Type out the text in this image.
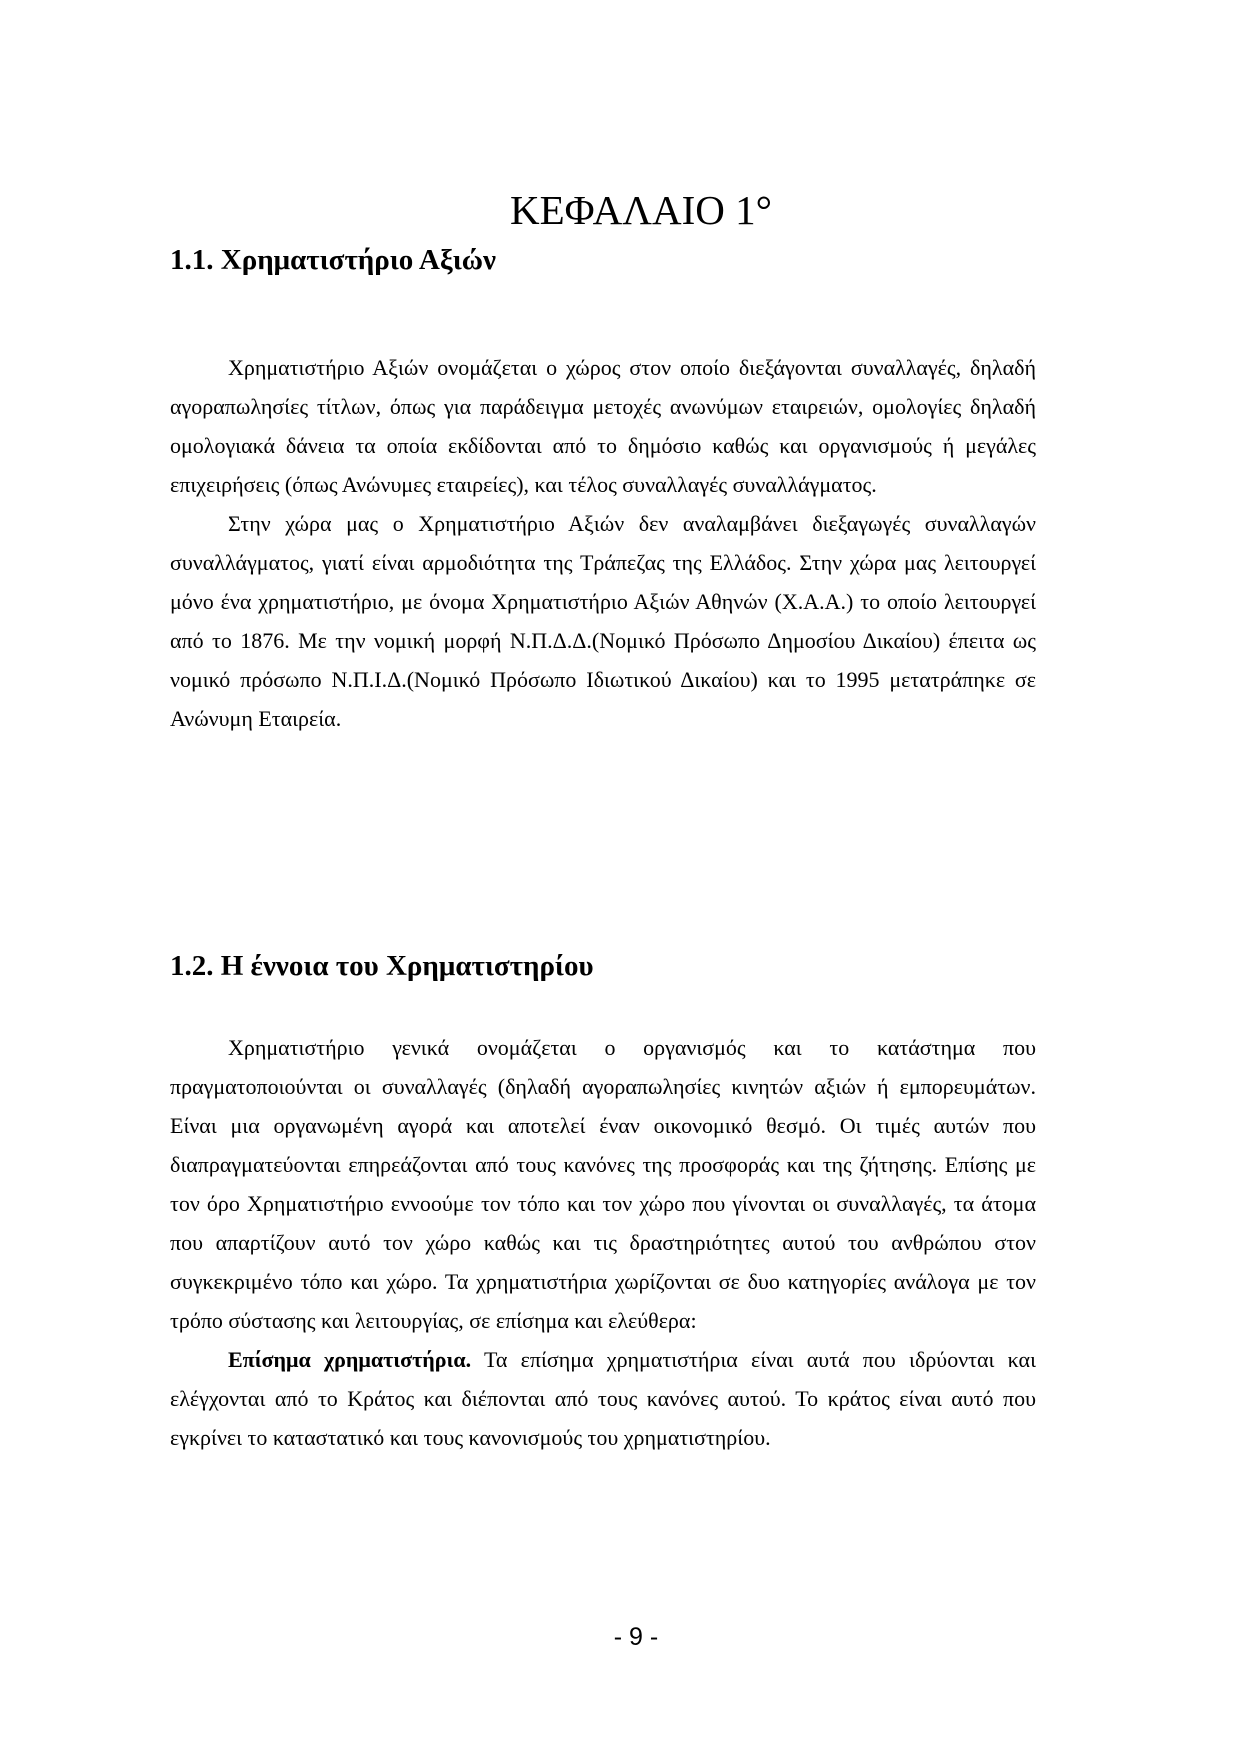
ΚΕΦΑΛΑΙΟ 1°
1.1. Χρηματιστήριο Αξιών

Χρηματιστήριο Αξιών ονομάζεται ο χώρος στον οποίο διεξάγονται συναλλαγές, δηλαδή αγοραπωλησίες τίτλων, όπως για παράδειγμα μετοχές ανωνύμων εταιρειών, ομολογίες δηλαδή ομολογιακά δάνεια τα οποία εκδίδονται από το δημόσιο καθώς και οργανισμούς ή μεγάλες επιχειρήσεις (όπως Ανώνυμες εταιρείες), και τέλος συναλλαγές συναλλάγματος.

Στην χώρα μας ο Χρηματιστήριο Αξιών δεν αναλαμβάνει διεξαγωγές συναλλαγών συναλλάγματος, γιατί είναι αρμοδιότητα της Τράπεζας της Ελλάδος. Στην χώρα μας λειτουργεί μόνο ένα χρηματιστήριο, με όνομα Χρηματιστήριο Αξιών Αθηνών (Χ.Α.Α.) το οποίο λειτουργεί από το 1876. Με την νομική μορφή Ν.Π.Δ.Δ.(Νομικό Πρόσωπο Δημοσίου Δικαίου) έπειτα ως νομικό πρόσωπο Ν.Π.Ι.Δ.(Νομικό Πρόσωπο Ιδιωτικού Δικαίου) και το 1995 μετατράπηκε σε Ανώνυμη Εταιρεία.

1.2. Η έννοια του Χρηματιστηρίου

Χρηματιστήριο γενικά ονομάζεται ο οργανισμός και το κατάστημα που πραγματοποιούνται οι συναλλαγές (δηλαδή αγοραπωλησίες κινητών αξιών ή εμπορευμάτων. Είναι μια οργανωμένη αγορά και αποτελεί έναν οικονομικό θεσμό. Οι τιμές αυτών που διαπραγματεύονται επηρεάζονται από τους κανόνες της προσφοράς και της ζήτησης. Επίσης με τον όρο Χρηματιστήριο εννοούμε τον τόπο και τον χώρο που γίνονται οι συναλλαγές, τα άτομα που απαρτίζουν αυτό τον χώρο καθώς και τις δραστηριότητες αυτού του ανθρώπου στον συγκεκριμένο τόπο και χώρο. Τα χρηματιστήρια χωρίζονται σε δυο κατηγορίες ανάλογα με τον τρόπο σύστασης και λειτουργίας, σε επίσημα και ελεύθερα:

Επίσημα χρηματιστήρια. Τα επίσημα χρηματιστήρια είναι αυτά που ιδρύονται και ελέγχονται από το Κράτος και διέπονται από τους κανόνες αυτού. Το κράτος είναι αυτό που εγκρίνει το καταστατικό και τους κανονισμούς του χρηματιστηρίου.

- 9 -
